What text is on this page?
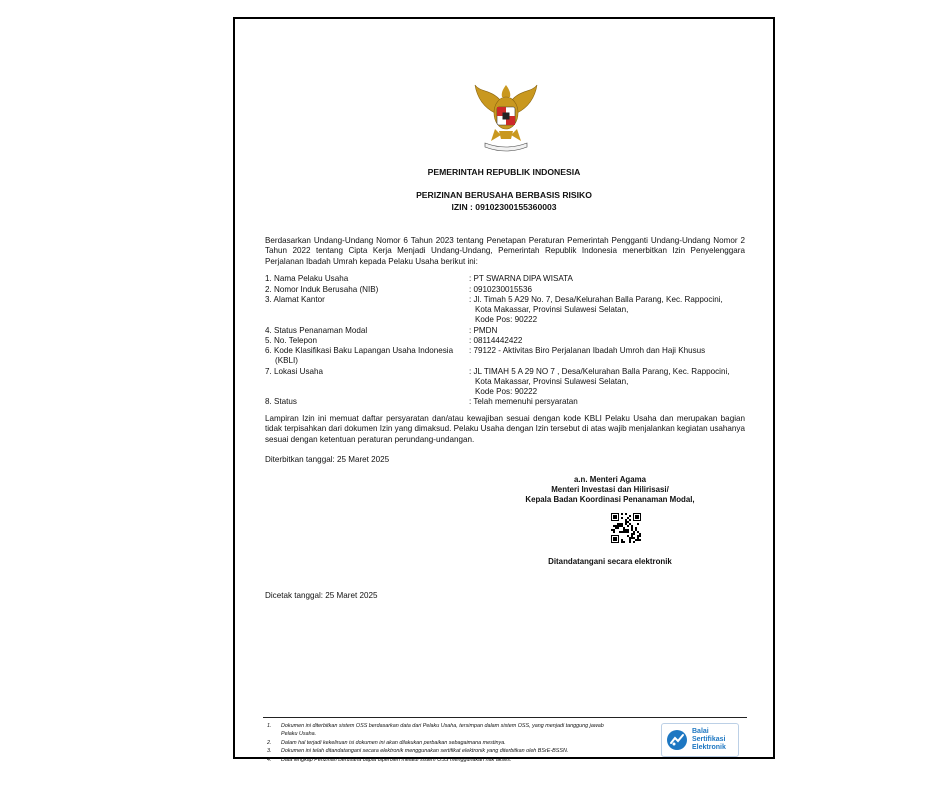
PEMERINTAH REPUBLIK INDONESIA
PERIZINAN BERUSAHA BERBASIS RISIKO
IZIN : 09102300155360003
Berdasarkan Undang-Undang Nomor 6 Tahun 2023 tentang Penetapan Peraturan Pemerintah Pengganti Undang-Undang Nomor 2 Tahun 2022 tentang Cipta Kerja Menjadi Undang-Undang, Pemerintah Republik Indonesia menerbitkan Izin Penyelenggara Perjalanan Ibadah Umrah kepada Pelaku Usaha berikut ini:
1. Nama Pelaku Usaha	: PT SWARNA DIPA WISATA
2. Nomor Induk Berusaha (NIB)	: 0910230015536
3. Alamat Kantor	: Jl. Timah 5 A29 No. 7, Desa/Kelurahan Balla Parang, Kec. Rappocini,
Kota Makassar, Provinsi Sulawesi Selatan,
Kode Pos: 90222
4. Status Penanaman Modal	: PMDN
5. No. Telepon	: 08114442422
6. Kode Klasifikasi Baku Lapangan Usaha Indonesia	: 79122 - Aktivitas Biro Perjalanan Ibadah Umroh dan Haji Khusus
(KBLI)
7. Lokasi Usaha	: JL TIMAH 5 A 29 NO 7 , Desa/Kelurahan Balla Parang, Kec. Rappocini,
Kota Makassar, Provinsi Sulawesi Selatan,
Kode Pos: 90222
8. Status	: Telah memenuhi persyaratan
Lampiran Izin ini memuat daftar persyaratan dan/atau kewajiban sesuai dengan kode KBLI Pelaku Usaha dan merupakan bagian tidak terpisahkan dari dokumen Izin yang dimaksud. Pelaku Usaha dengan Izin tersebut di atas wajib menjalankan kegiatan usahanya sesuai dengan ketentuan peraturan perundang-undangan.
Diterbitkan tanggal: 25 Maret 2025
a.n. Menteri Agama
Menteri Investasi dan Hilirisasi/
Kepala Badan Koordinasi Penanaman Modal,
Ditandatangani secara elektronik
Dicetak tanggal: 25 Maret 2025
1. Dokumen ini diterbitkan sistem OSS berdasarkan data dari Pelaku Usaha, tersimpan dalam sistem OSS, yang menjadi tanggung jawab
Pelaku Usaha.
2. Dalam hal terjadi kekeliruan isi dokumen ini akan dilakukan perbaikan sebagaimana mestinya.
3. Dokumen ini telah ditandatangani secara elektronik menggunakan sertifikat elektronik yang diterbitkan oleh BSrE-BSSN.
4. Data lengkap Perizinan Berusaha dapat diperoleh melalui sistem OSS menggunakan hak akses.
Balai
Sertifikasi
Elektronik
